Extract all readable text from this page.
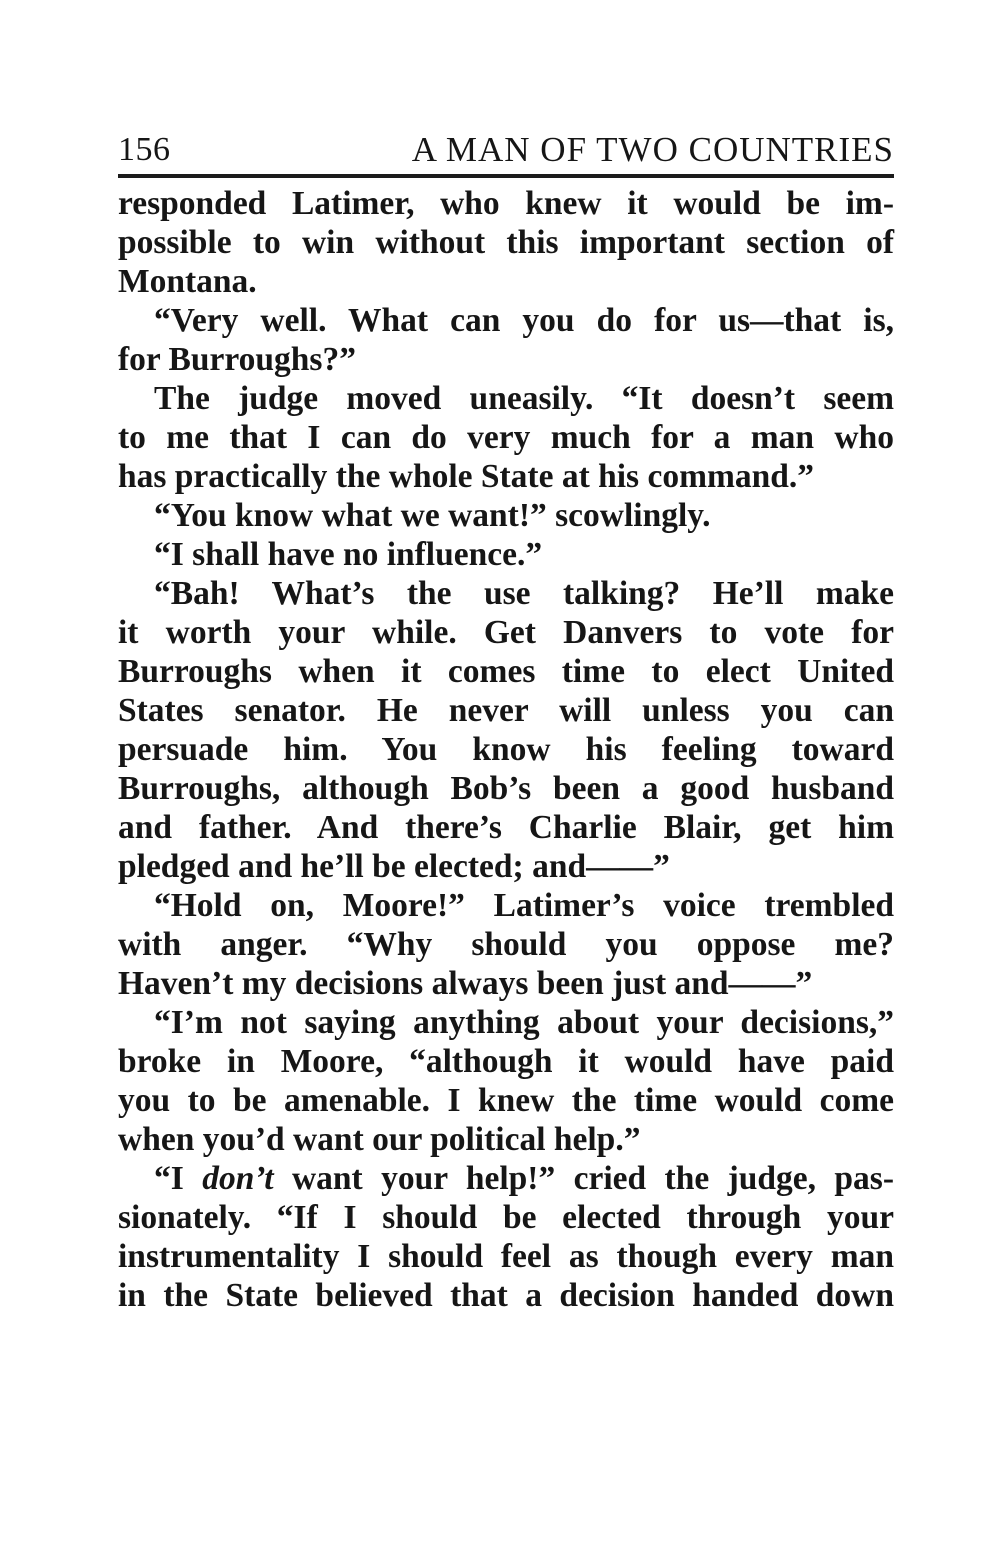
156	A MAN OF TWO COUNTRIES
responded Latimer, who knew it would be im-
possible to win without this important section of
Montana.
“Very well. What can you do for us—that is,
for Burroughs?”
The judge moved uneasily. “It doesn’t seem
to me that I can do very much for a man who
has practically the whole State at his command.”
“You know what we want!” scowlingly.
“I shall have no influence.”
“Bah! What’s the use talking? He’ll make
it worth your while. Get Danvers to vote for
Burroughs when it comes time to elect United
States senator. He never will unless you can
persuade him. You know his feeling toward
Burroughs, although Bob’s been a good husband
and father. And there’s Charlie Blair, get him
pledged and he’ll be elected; and——”
“Hold on, Moore!” Latimer’s voice trembled
with anger. “Why should you oppose me?
Haven’t my decisions always been just and——”
“I’m not saying anything about your decisions,”
broke in Moore, “although it would have paid
you to be amenable. I knew the time would come
when you’d want our political help.”
“I don’t want your help!” cried the judge, pas-
sionately. “If I should be elected through your
instrumentality I should feel as though every man
in the State believed that a decision handed down
